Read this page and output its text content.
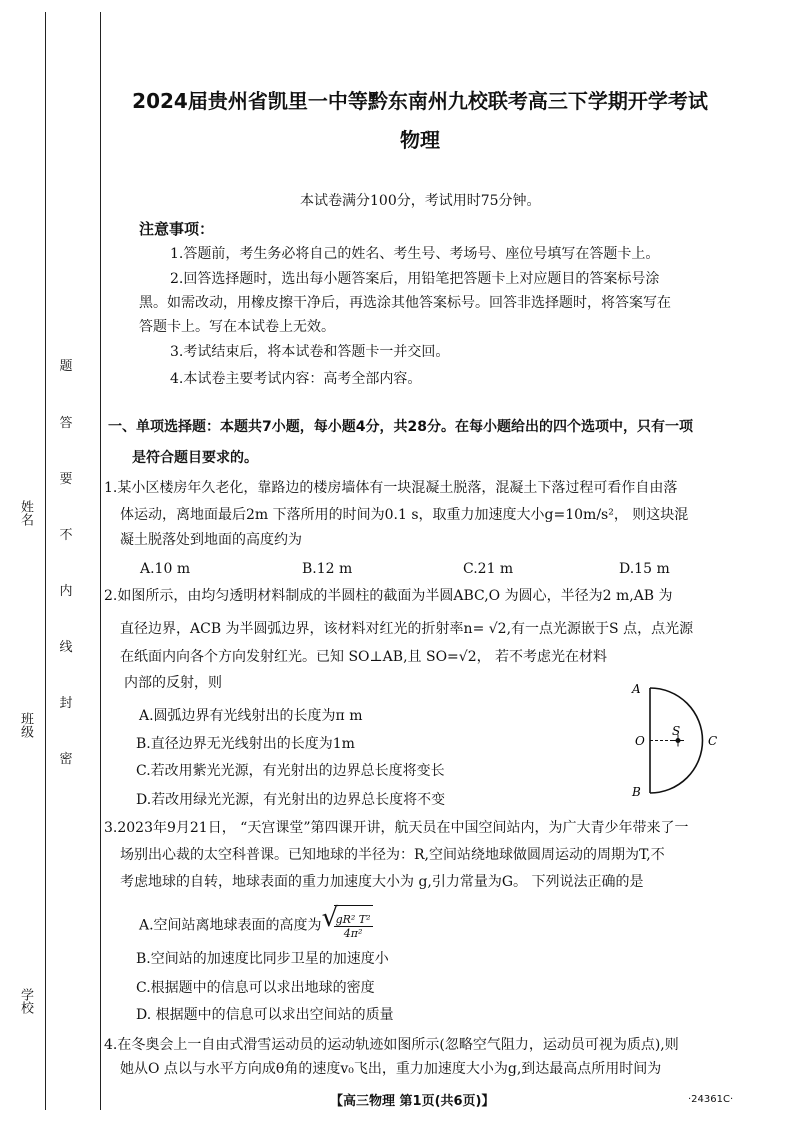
姓名
班级
学校
题
答
要
不
内
线
封
密
2024届贵州省凯里一中等黔东南州九校联考高三下学期开学考试
物理
本试卷满分100分，考试用时75分钟。
注意事项：
1.答题前，考生务必将自己的姓名、考生号、考场号、座位号填写在答题卡上。
2.回答选择题时，选出每小题答案后，用铅笔把答题卡上对应题目的答案标号涂
黑。如需改动，用橡皮擦干净后，再选涂其他答案标号。回答非选择题时，将答案写在
答题卡上。写在本试卷上无效。
3.考试结束后，将本试卷和答题卡一并交回。
4.本试卷主要考试内容：高考全部内容。
一、单项选择题：本题共7小题，每小题4分，共28分。在每小题给出的四个选项中，只有一项
是符合题目要求的。
1.某小区楼房年久老化，靠路边的楼房墙体有一块混凝土脱落，混凝土下落过程可看作自由落
体运动，离地面最后2m 下落所用的时间为0.1 s，取重力加速度大小g=10m/s²， 则这块混
凝土脱落处到地面的高度约为
A.10 m	B.12 m	C.21 m	D.15 m
2.如图所示，由均匀透明材料制成的半圆柱的截面为半圆ABC,O 为圆心，半径为2 m,AB 为
直径边界，ACB 为半圆弧边界，该材料对红光的折射率n= √2,有一点光源嵌于S 点，点光源
在纸面内向各个方向发射红光。已知 SO⊥AB,且 SO=√2， 若不考虑光在材料
内部的反射，则
A.圆弧边界有光线射出的长度为π m
B.直径边界无光线射出的长度为1m
C.若改用紫光光源，有光射出的边界总长度将变长
D.若改用绿光光源，有光射出的边界总长度将不变
A
B
O
S
C
3.2023年9月21日， “天宫课堂”第四课开讲，航天员在中国空间站内，为广大青少年带来了一
场别出心裁的太空科普课。已知地球的半径为：R,空间站绕地球做圆周运动的周期为T,不
考虑地球的自转，地球表面的重力加速度大小为 g,引力常量为G。 下列说法正确的是
A.空间站离地球表面的高度为 √
$\frac{\text{gR² T²}}{\text{4π²}}$
B.空间站的加速度比同步卫星的加速度小
C.根据题中的信息可以求出地球的密度
D. 根据题中的信息可以求出空间站的质量
4.在冬奥会上一自由式滑雪运动员的运动轨迹如图所示(忽略空气阻力，运动员可视为质点),则
她从O 点以与水平方向成θ角的速度v₀飞出，重力加速度大小为g,到达最高点所用时间为
【高三物理 第1页(共6页)】	·24361C·
